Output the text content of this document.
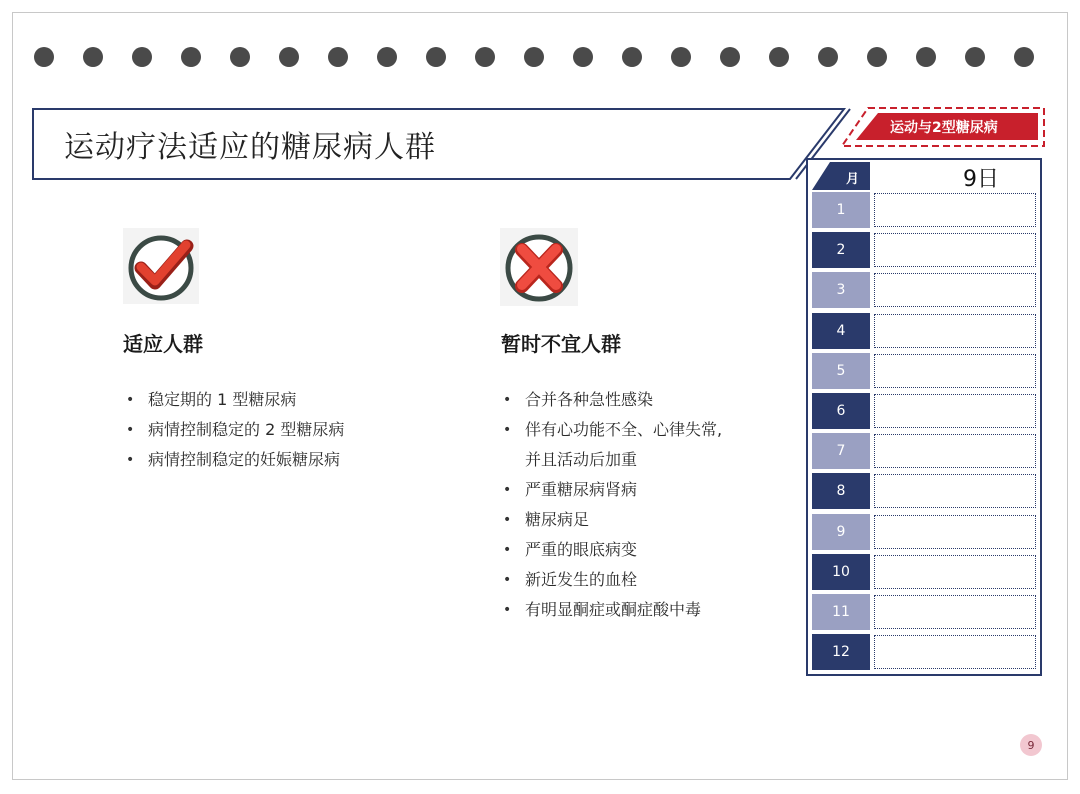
运动疗法适应的糖尿病人群
运动与2型糖尿病
适应人群
• 稳定期的 1 型糖尿病
• 病情控制稳定的 2 型糖尿病
• 病情控制稳定的妊娠糖尿病
暂时不宜人群
• 合并各种急性感染
• 伴有心功能不全、心律失常,
并且活动后加重
• 严重糖尿病肾病
• 糖尿病足
• 严重的眼底病变
• 新近发生的血栓
• 有明显酮症或酮症酸中毒
月	9日
1
2
3
4
5
6
7
8
9
10
11
12
9
